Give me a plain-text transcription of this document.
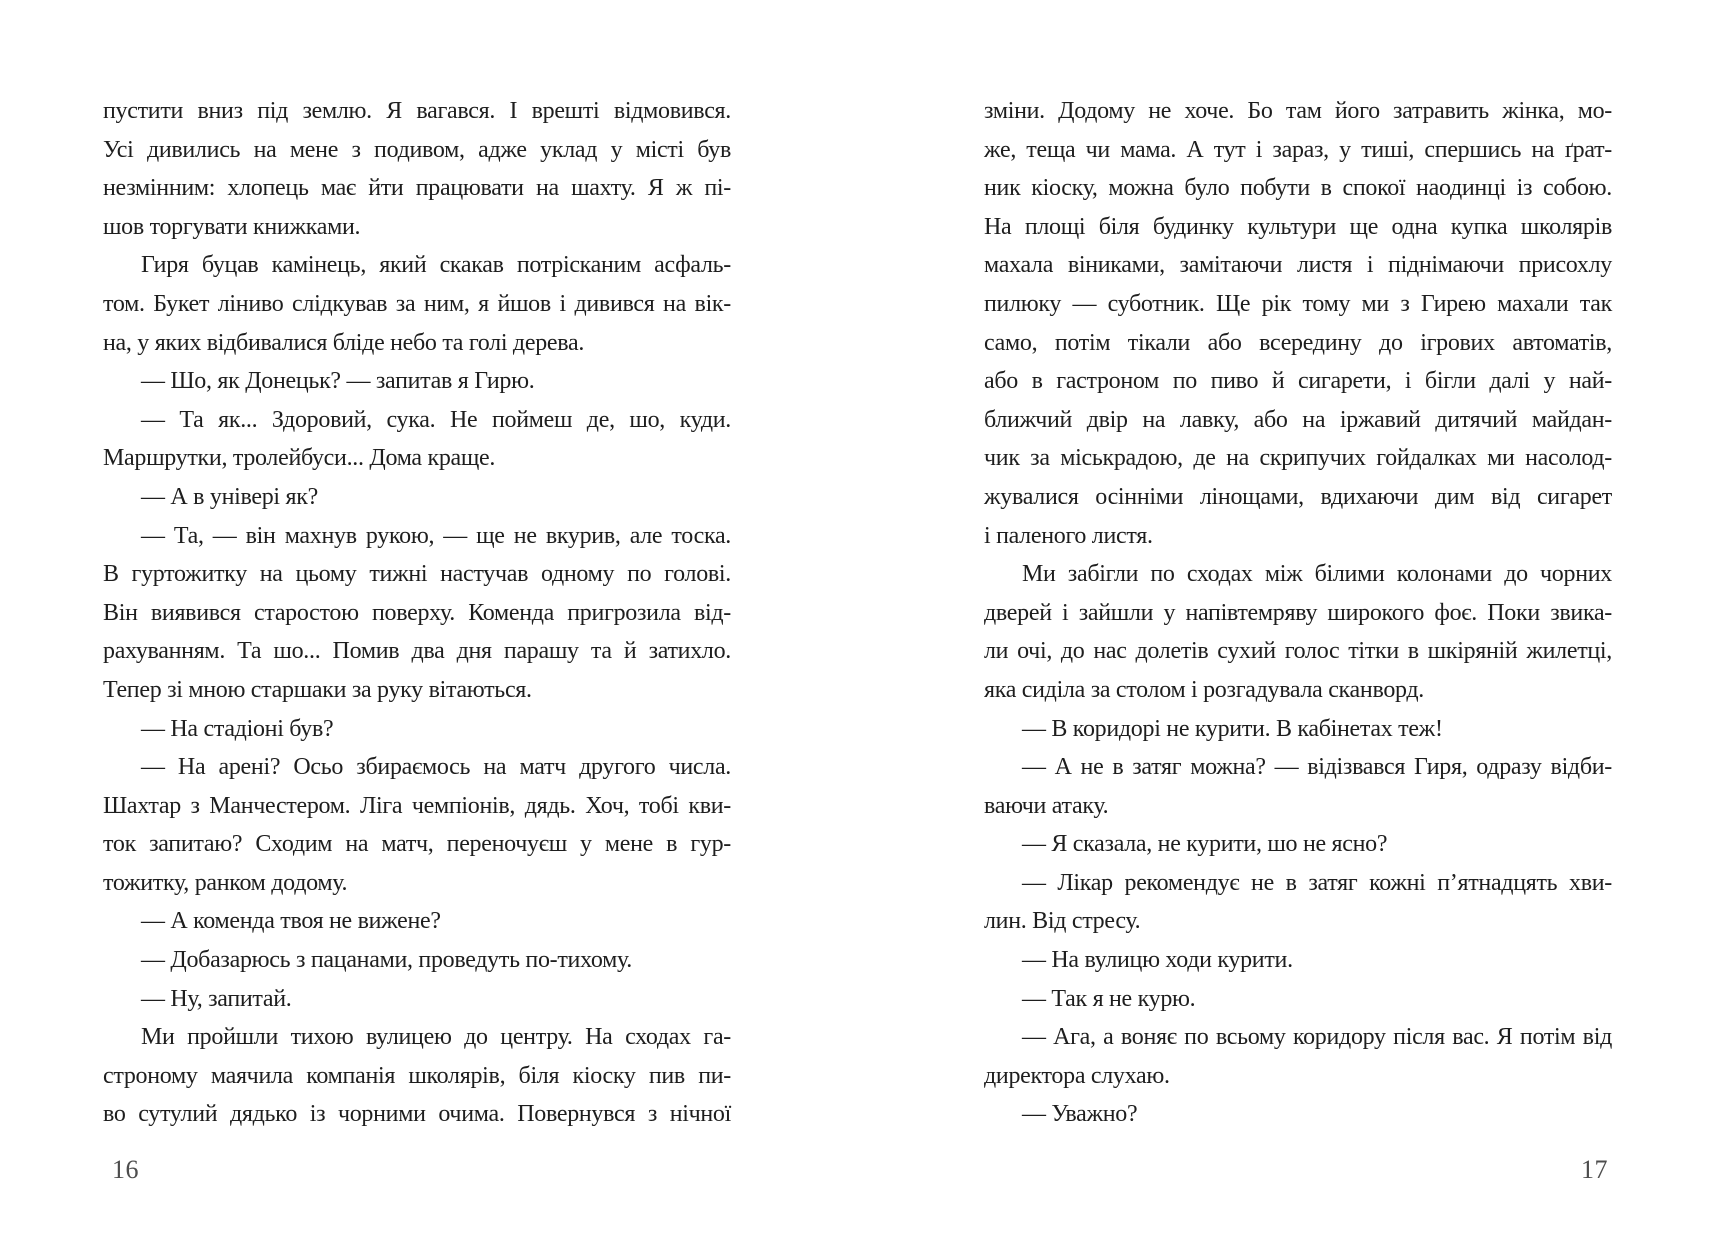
пустити вниз під землю. Я вагався. І врешті відмовився.
Усі дивились на мене з подивом, адже уклад у місті був
незмінним: хлопець має йти працювати на шахту. Я ж пі-
шов торгувати книжками.
Гиря буцав камінець, який скакав потрісканим асфаль-
том. Букет ліниво слідкував за ним, я йшов і дивився на вік-
на, у яких відбивалися бліде небо та голі дерева.
— Шо, як Донецьк? — запитав я Гирю.
— Та як... Здоровий, сука. Не поймеш де, шо, куди.
Маршрутки, тролейбуси... Дома краще.
— А в універі як?
— Та, — він махнув рукою, — ще не вкурив, але тоска.
В гуртожитку на цьому тижні настучав одному по голові.
Він виявився старостою поверху. Коменда пригрозила від-
рахуванням. Та шо... Помив два дня парашу та й затихло.
Тепер зі мною старшаки за руку вітаються.
— На стадіоні був?
— На арені? Осьо збираємось на матч другого числа.
Шахтар з Манчестером. Ліга чемпіонів, дядь. Хоч, тобі кви-
ток запитаю? Сходим на матч, переночуєш у мене в гур-
тожитку, ранком додому.
— А коменда твоя не вижене?
— Добазарюсь з пацанами, проведуть по-тихому.
— Ну, запитай.
Ми пройшли тихою вулицею до центру. На сходах га-
строному маячила компанія школярів, біля кіоску пив пи-
во сутулий дядько із чорними очима. Повернувся з нічної
зміни. Додому не хоче. Бо там його затравить жінка, мо-
же, теща чи мама. А тут і зараз, у тиші, спершись на ґрат-
ник кіоску, можна було побути в спокої наодинці із собою.
На площі біля будинку культури ще одна купка школярів
махала віниками, замітаючи листя і піднімаючи присохлу
пилюку — суботник. Ще рік тому ми з Гирею махали так
само, потім тікали або всередину до ігрових автоматів,
або в гастроном по пиво й сигарети, і бігли далі у най-
ближчий двір на лавку, або на іржавий дитячий майдан-
чик за міськрадою, де на скрипучих гойдалках ми насолод-
жувалися осінніми лінощами, вдихаючи дим від сигарет
і паленого листя.
Ми забігли по сходах між білими колонами до чорних
дверей і зайшли у напівтемряву широкого фоє. Поки звика-
ли очі, до нас долетів сухий голос тітки в шкіряній жилетці,
яка сиділа за столом і розгадувала сканворд.
— В коридорі не курити. В кабінетах теж!
— А не в затяг можна? — відізвався Гиря, одразу відби-
ваючи атаку.
— Я сказала, не курити, шо не ясно?
— Лікар рекомендує не в затяг кожні п’ятнадцять хви-
лин. Від стресу.
— На вулицю ходи курити.
— Так я не курю.
— Ага, а воняє по всьому коридору після вас. Я потім від
директора слухаю.
— Уважно?
16	17
